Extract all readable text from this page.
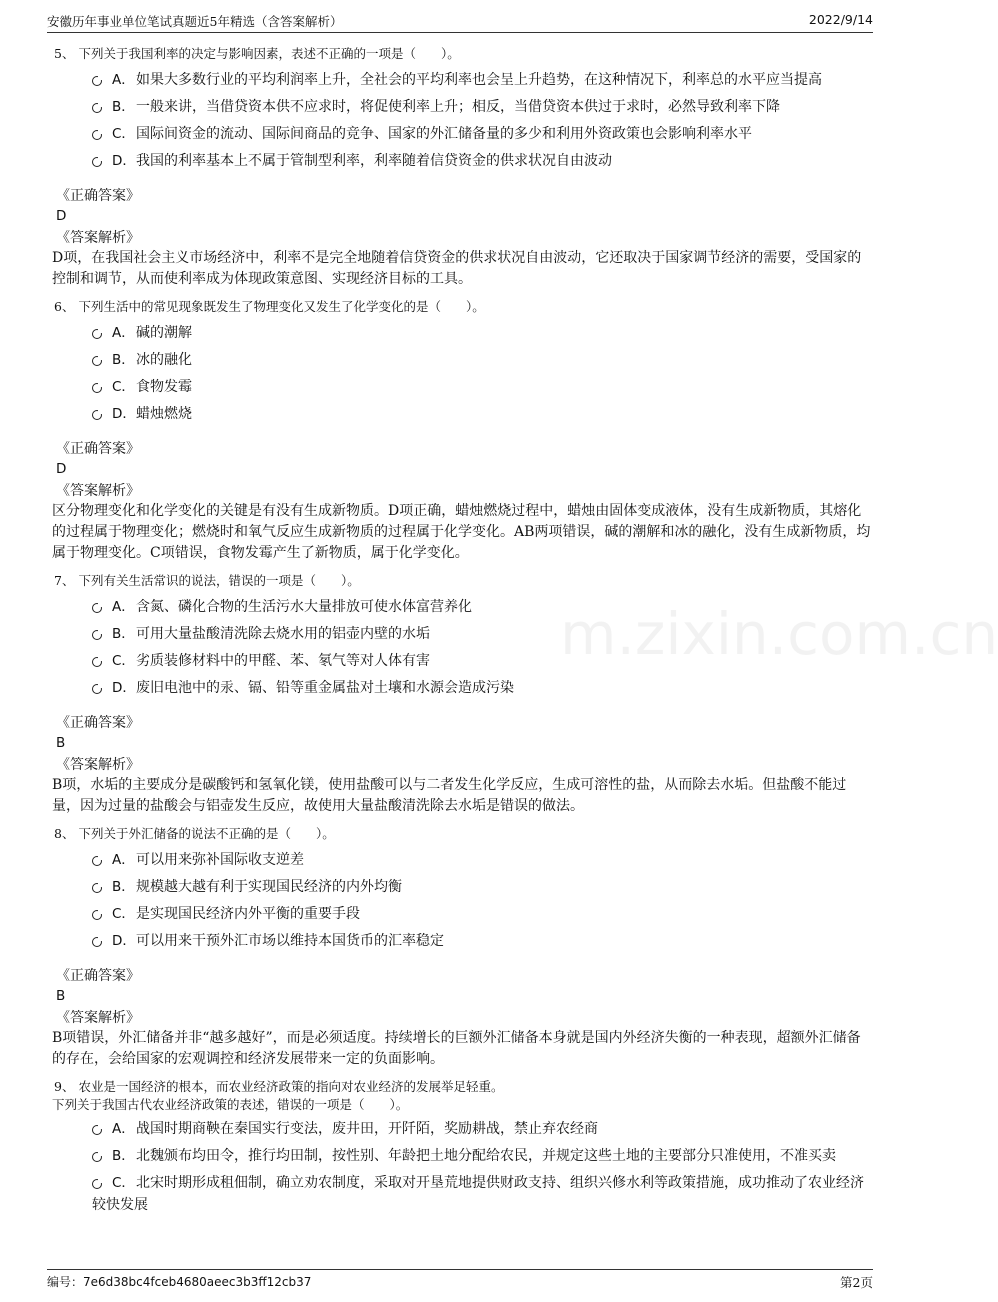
安徽历年事业单位笔试真题近5年精选（含答案解析）	2022/9/14
m.zixin.com.cn
5、 下列关于我国利率的决定与影响因素，表述不正确的一项是（　　）。
A．如果大多数行业的平均利润率上升，全社会的平均利率也会呈上升趋势，在这种情况下，利率总的水平应当提高
B．一般来讲，当借贷资本供不应求时，将促使利率上升；相反，当借贷资本供过于求时，必然导致利率下降
C．国际间资金的流动、国际间商品的竞争、国家的外汇储备量的多少和利用外资政策也会影响利率水平
D．我国的利率基本上不属于管制型利率，利率随着信贷资金的供求状况自由波动
《正确答案》
D
《答案解析》
D项，在我国社会主义市场经济中，利率不是完全地随着信贷资金的供求状况自由波动，它还取决于国家调节经济的需要，受国家的控制和调节，从而使利率成为体现政策意图、实现经济目标的工具。
6、 下列生活中的常见现象既发生了物理变化又发生了化学变化的是（　　）。
A．碱的潮解
B．冰的融化
C．食物发霉
D．蜡烛燃烧
《正确答案》
D
《答案解析》
区分物理变化和化学变化的关键是有没有生成新物质。D项正确，蜡烛燃烧过程中，蜡烛由固体变成液体，没有生成新物质，其熔化的过程属于物理变化；燃烧时和氧气反应生成新物质的过程属于化学变化。AB两项错误，碱的潮解和冰的融化，没有生成新物质，均属于物理变化。C项错误，食物发霉产生了新物质，属于化学变化。
7、 下列有关生活常识的说法，错误的一项是（　　）。
A．含氮、磷化合物的生活污水大量排放可使水体富营养化
B．可用大量盐酸清洗除去烧水用的铝壶内壁的水垢
C．劣质装修材料中的甲醛、苯、氡气等对人体有害
D．废旧电池中的汞、镉、铅等重金属盐对土壤和水源会造成污染
《正确答案》
B
《答案解析》
B项，水垢的主要成分是碳酸钙和氢氧化镁，使用盐酸可以与二者发生化学反应，生成可溶性的盐，从而除去水垢。但盐酸不能过量，因为过量的盐酸会与铝壶发生反应，故使用大量盐酸清洗除去水垢是错误的做法。
8、 下列关于外汇储备的说法不正确的是（　　）。
A．可以用来弥补国际收支逆差
B．规模越大越有利于实现国民经济的内外均衡
C．是实现国民经济内外平衡的重要手段
D．可以用来干预外汇市场以维持本国货币的汇率稳定
《正确答案》
B
《答案解析》
B项错误，外汇储备并非“越多越好”，而是必须适度。持续增长的巨额外汇储备本身就是国内外经济失衡的一种表现，超额外汇储备的存在，会给国家的宏观调控和经济发展带来一定的负面影响。
9、 农业是一国经济的根本，而农业经济政策的指向对农业经济的发展举足轻重。
下列关于我国古代农业经济政策的表述，错误的一项是（　　）。
A．战国时期商鞅在秦国实行变法，废井田，开阡陌，奖励耕战，禁止弃农经商
B．北魏颁布均田令，推行均田制，按性别、年龄把土地分配给农民，并规定这些土地的主要部分只准使用，不准买卖
C．北宋时期形成租佃制，确立劝农制度，采取对开垦荒地提供财政支持、组织兴修水利等政策措施，成功推动了农业经济较快发展
编号：7e6d38bc4fceb4680aeec3b3ff12cb37	第2页
